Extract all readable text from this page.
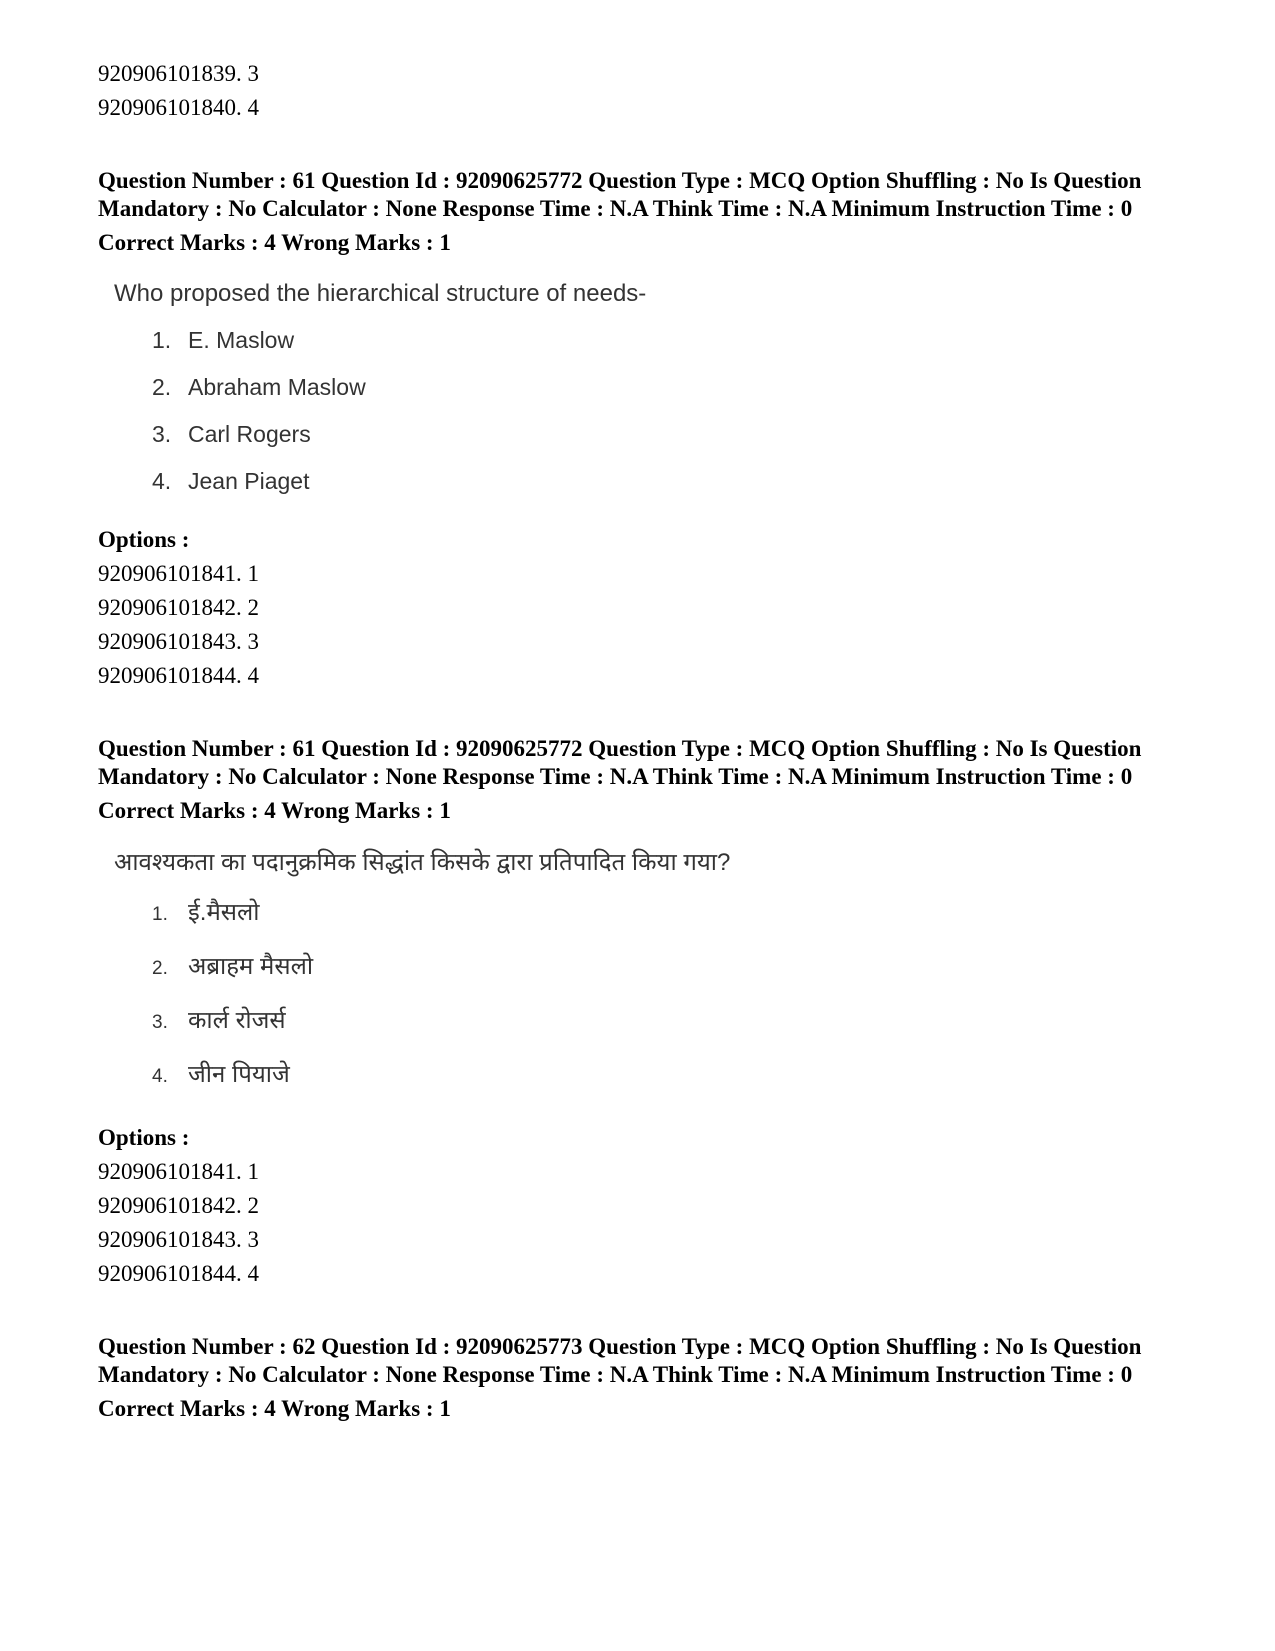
920906101839. 3

920906101840. 4

Question Number : 61 Question Id : 92090625772 Question Type : MCQ Option Shuffling : No Is Question Mandatory : No Calculator : None Response Time : N.A Think Time : N.A Minimum Instruction Time : 0

Correct Marks : 4 Wrong Marks : 1

Who proposed the hierarchical structure of needs-

1. E. Maslow
2. Abraham Maslow
3. Carl Rogers
4. Jean Piaget

Options :

920906101841. 1

920906101842. 2

920906101843. 3

920906101844. 4

Question Number : 61 Question Id : 92090625772 Question Type : MCQ Option Shuffling : No Is Question Mandatory : No Calculator : None Response Time : N.A Think Time : N.A Minimum Instruction Time : 0

Correct Marks : 4 Wrong Marks : 1

आवश्यकता का पदानुक्रमिक सिद्धांत किसके द्वारा प्रतिपादित किया गया?

1. ई.मैसलो
2. अब्राहम मैसलो
3. कार्ल रोजर्स
4. जीन पियाजे

Options :

920906101841. 1

920906101842. 2

920906101843. 3

920906101844. 4

Question Number : 62 Question Id : 92090625773 Question Type : MCQ Option Shuffling : No Is Question Mandatory : No Calculator : None Response Time : N.A Think Time : N.A Minimum Instruction Time : 0

Correct Marks : 4 Wrong Marks : 1
